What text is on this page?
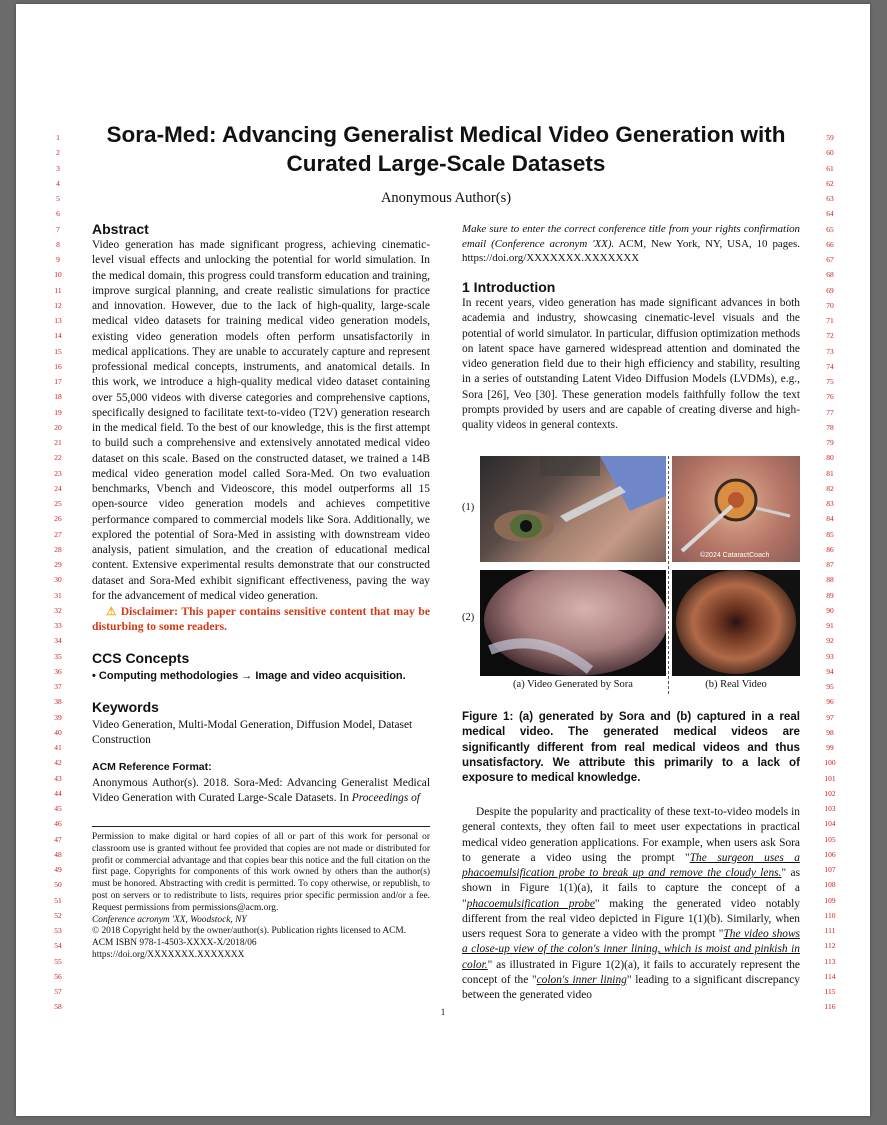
1
2
3
4
5
6
7
8
9
10
11
12
13
14
15
16
17
18
19
20
21
22
23
24
25
26
27
28
29
30
31
32
33
34
35
36
37
38
39
40
41
42
43
44
45
46
47
48
49
50
51
52
53
54
55
56
57
58
59
60
61
62
63
64
65
66
67
68
69
70
71
72
73
74
75
76
77
78
79
80
81
82
83
84
85
86
87
88
89
90
91
92
93
94
95
96
97
98
99
100
101
102
103
104
105
106
107
108
109
110
111
112
113
114
115
116
Sora-Med: Advancing Generalist Medical Video Generation with
Curated Large-Scale Datasets
Anonymous Author(s)
Abstract

Video generation has made significant progress, achieving cinematic-level visual effects and unlocking the potential for world simulation. In the medical domain, this progress could transform education and training, improve surgical planning, and create realistic simulations for practice and innovation. However, due to the lack of high-quality, large-scale medical video datasets for training medical video generation models, existing video generation models often perform unsatisfactorily in medical applications. They are unable to accurately capture and represent professional medical concepts, instruments, and anatomical details. In this work, we introduce a high-quality medical video dataset containing over 55,000 videos with diverse categories and comprehensive captions, specifically designed to facilitate text-to-video (T2V) generation research in the medical field. To the best of our knowledge, this is the first attempt to build such a comprehensive and extensively annotated medical video dataset on this scale. Based on the constructed dataset, we trained a 14B medical video generation model called Sora-Med. On two evaluation benchmarks, Vbench and Videoscore, this model outperforms all 15 open-source video generation models and achieves competitive performance compared to commercial models like Sora. Additionally, we explored the potential of Sora-Med in assisting with downstream video analysis, patient simulation, and the creation of educational medical content. Extensive experimental results demonstrate that our constructed dataset and Sora-Med exhibit significant effectiveness, paving the way for the advancement of medical video generation.

⚠ Disclaimer: This paper contains sensitive content that may be disturbing to some readers.

CCS Concepts

• Computing methodologies → Image and video acquisition.

Keywords

Video Generation, Multi-Modal Generation, Diffusion Model, Dataset Construction

ACM Reference Format:

Anonymous Author(s). 2018. Sora-Med: Advancing Generalist Medical Video Generation with Curated Large-Scale Datasets. In Proceedings of

Permission to make digital or hard copies of all or part of this work for personal or classroom use is granted without fee provided that copies are not made or distributed for profit or commercial advantage and that copies bear this notice and the full citation on the first page. Copyrights for components of this work owned by others than the author(s) must be honored. Abstracting with credit is permitted. To copy otherwise, or republish, to post on servers or to redistribute to lists, requires prior specific permission and/or a fee. Request permissions from permissions@acm.org.

Conference acronym 'XX, Woodstock, NY

© 2018 Copyright held by the owner/author(s). Publication rights licensed to ACM.

ACM ISBN 978-1-4503-XXXX-X/2018/06

https://doi.org/XXXXXXX.XXXXXXX

Make sure to enter the correct conference title from your rights confirmation email (Conference acronym 'XX). ACM, New York, NY, USA, 10 pages. https://doi.org/XXXXXXX.XXXXXXX

1 Introduction

In recent years, video generation has made significant advances in both academia and industry, showcasing cinematic-level visuals and the potential of world simulator. In particular, diffusion optimization methods on latent space have garnered widespread attention and dominated the video generation field due to their high efficiency and stability, resulting in a series of outstanding Latent Video Diffusion Models (LVDMs), e.g., Sora [26], Veo [30]. These generation models faithfully follow the text prompts provided by users and are capable of creating diverse and high-quality videos in general contexts.

(1)
(2)
©2024 CataractCoach
(a) Video Generated by Sora	(b) Real Video
Figure 1: (a) generated by Sora and (b) captured in a real medical video. The generated medical videos are significantly different from real medical videos and thus unsatisfactory. We attribute this primarily to a lack of exposure to medical knowledge.

Despite the popularity and practicality of these text-to-video models in general contexts, they often fail to meet user expectations in practical medical video generation applications. For example, when users ask Sora to generate a video using the prompt "The surgeon uses a phacoemulsification probe to break up and remove the cloudy lens." as shown in Figure 1(1)(a), it fails to capture the concept of a "phacoemulsification probe" making the generated video notably different from the real video depicted in Figure 1(1)(b). Similarly, when users request Sora to generate a video with the prompt "The video shows a close-up view of the colon's inner lining, which is moist and pinkish in color." as illustrated in Figure 1(2)(a), it fails to accurately represent the concept of the "colon's inner lining" leading to a significant discrepancy between the generated video

1
